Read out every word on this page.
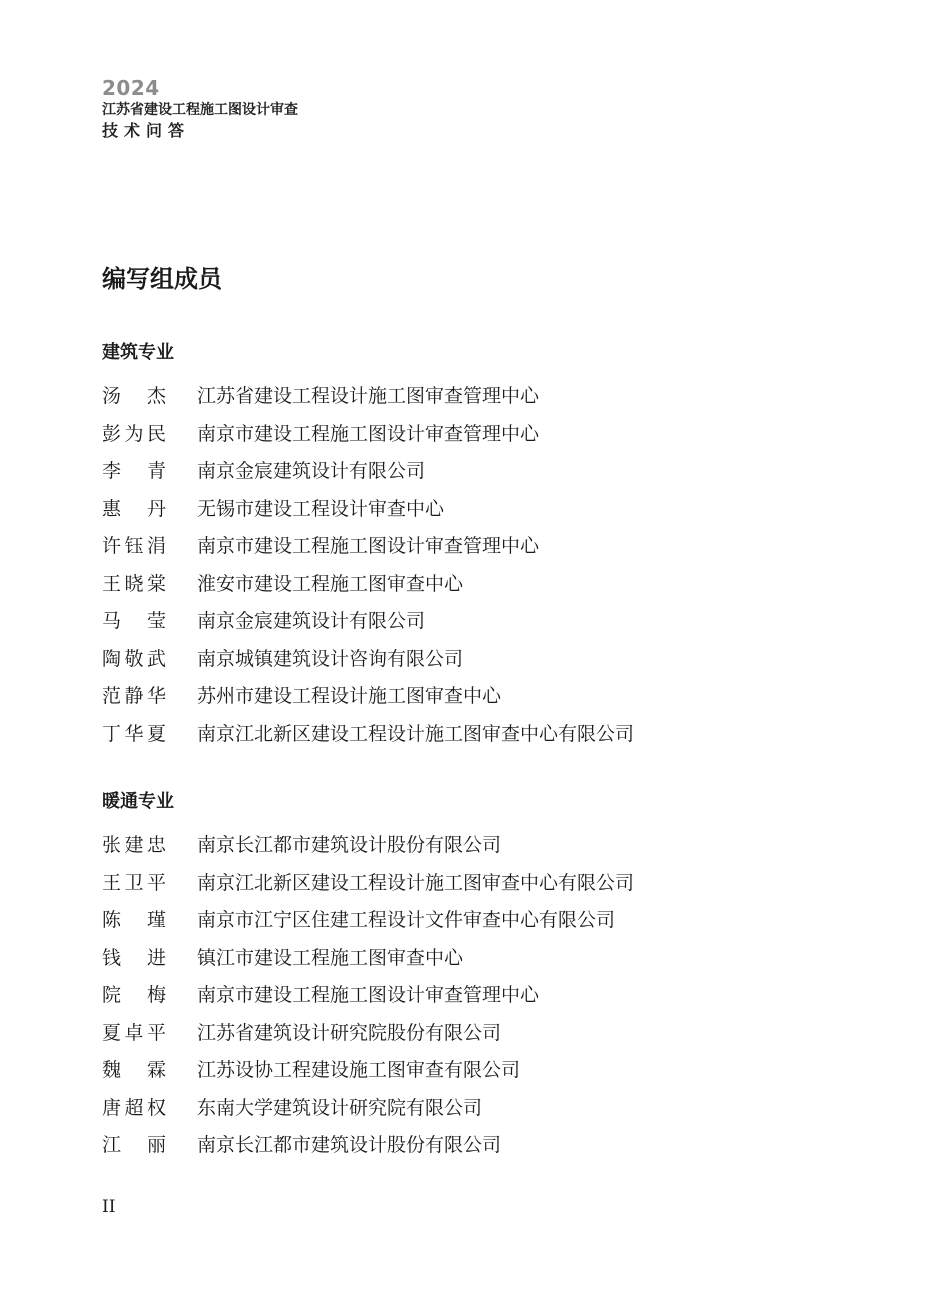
2024
江苏省建设工程施工图设计审查
技术问答
编写组成员
建筑专业
汤　杰	江苏省建设工程设计施工图审查管理中心
彭为民	南京市建设工程施工图设计审查管理中心
李　青	南京金宸建筑设计有限公司
惠　丹	无锡市建设工程设计审查中心
许钰涓	南京市建设工程施工图设计审查管理中心
王晓棠	淮安市建设工程施工图审查中心
马　莹	南京金宸建筑设计有限公司
陶敬武	南京城镇建筑设计咨询有限公司
范静华	苏州市建设工程设计施工图审查中心
丁华夏	南京江北新区建设工程设计施工图审查中心有限公司
暖通专业
张建忠	南京长江都市建筑设计股份有限公司
王卫平	南京江北新区建设工程设计施工图审查中心有限公司
陈　瑾	南京市江宁区住建工程设计文件审查中心有限公司
钱　进	镇江市建设工程施工图审查中心
院　梅	南京市建设工程施工图设计审查管理中心
夏卓平	江苏省建筑设计研究院股份有限公司
魏　霖	江苏设协工程建设施工图审查有限公司
唐超权	东南大学建筑设计研究院有限公司
江　丽	南京长江都市建筑设计股份有限公司
II
